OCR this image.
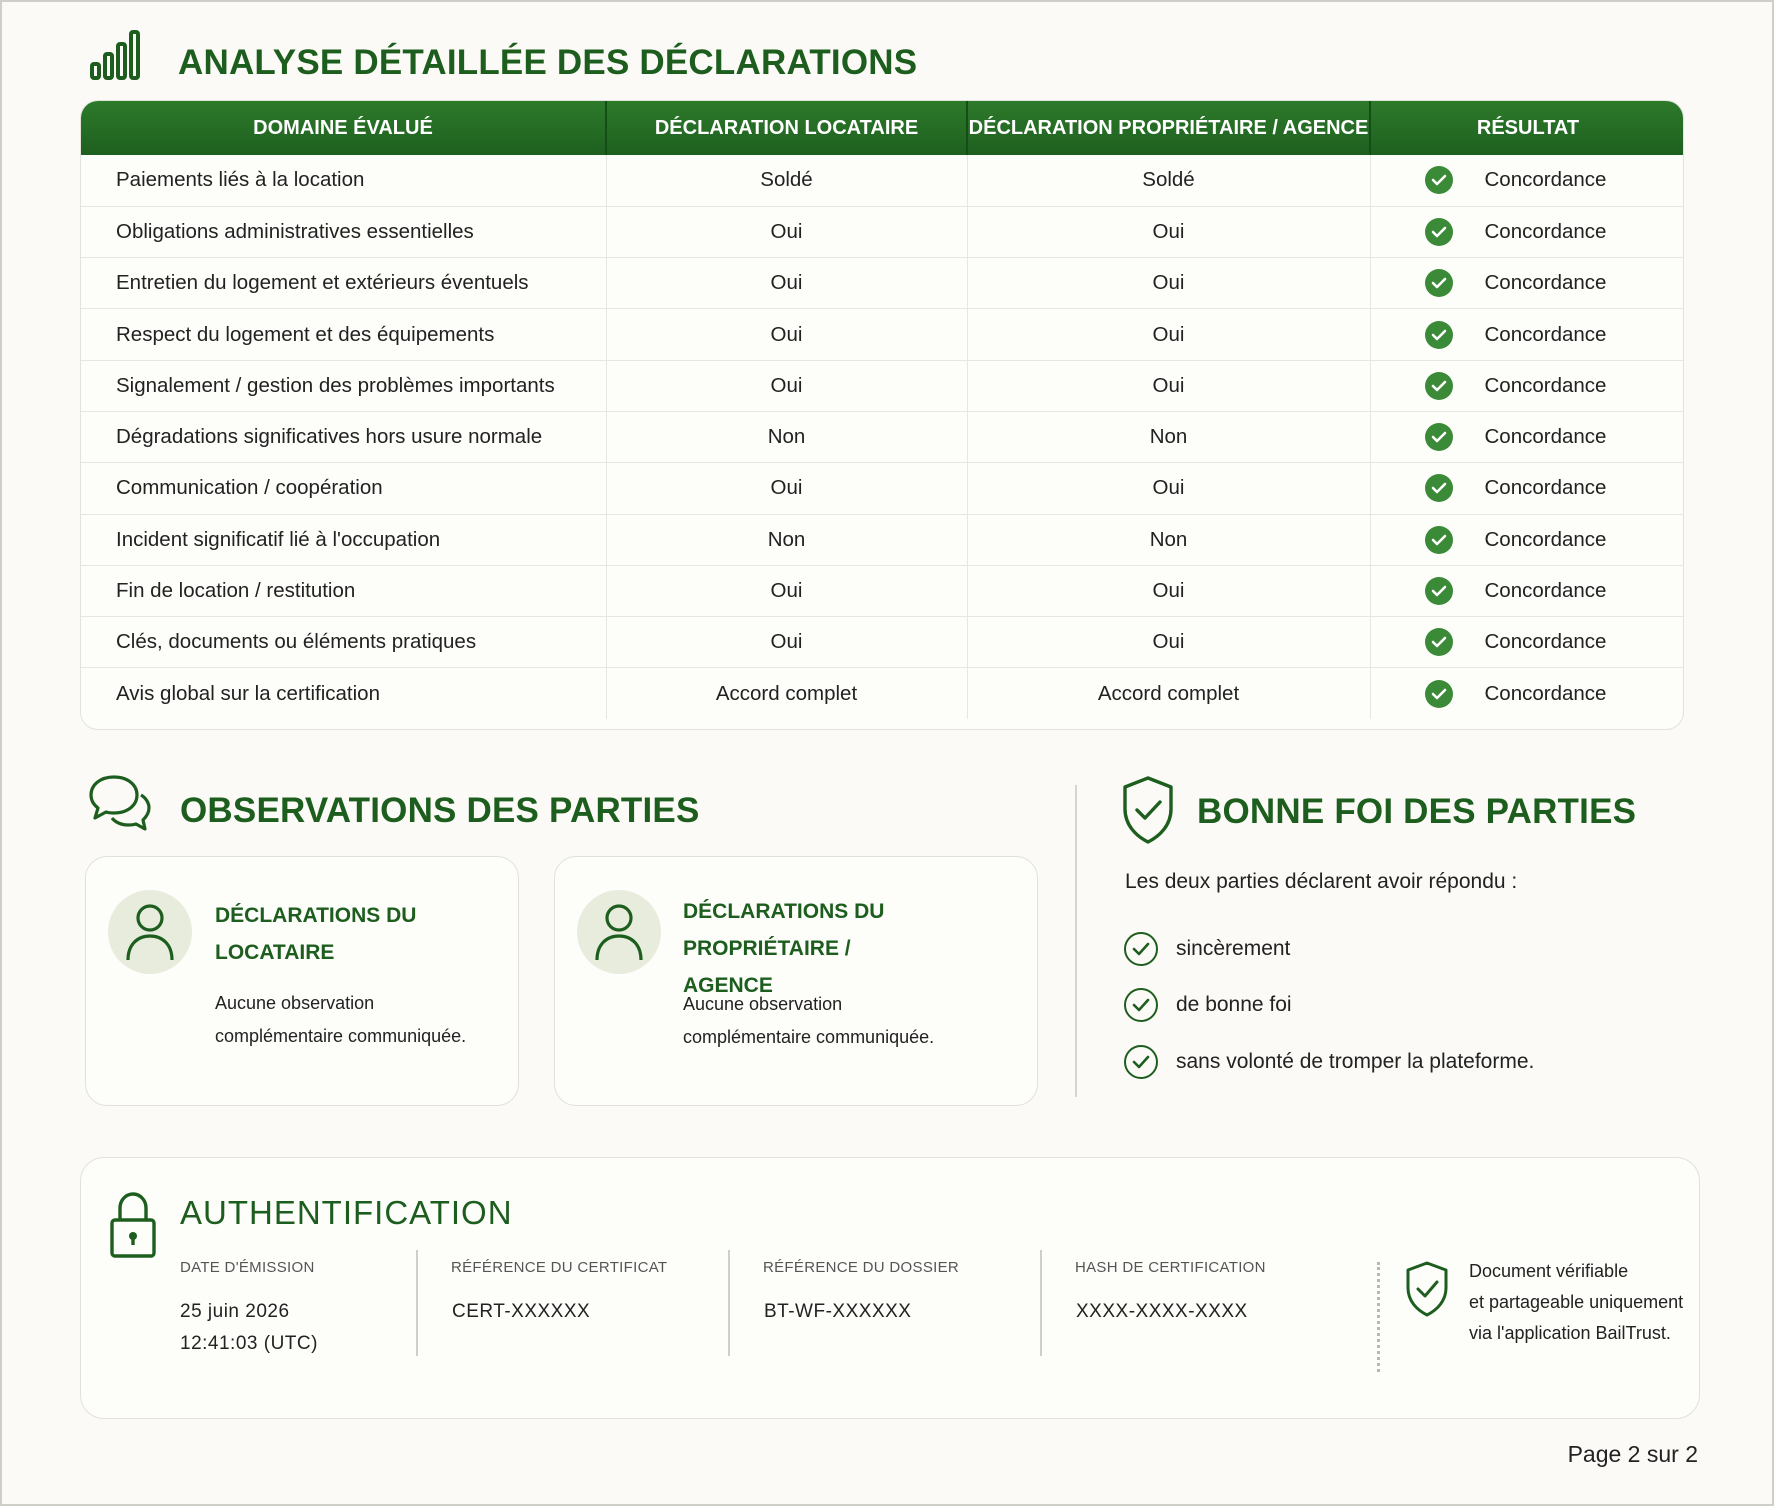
ANALYSE DÉTAILLÉE DES DÉCLARATIONS
DOMAINE ÉVALUÉ	DÉCLARATION LOCATAIRE	DÉCLARATION PROPRIÉTAIRE / AGENCE	RÉSULTAT
Paiements liés à la location	Soldé	Soldé	Concordance

Obligations administratives essentielles	Oui	Oui	Concordance

Entretien du logement et extérieurs éventuels	Oui	Oui	Concordance

Respect du logement et des équipements	Oui	Oui	Concordance

Signalement / gestion des problèmes importants	Oui	Oui	Concordance

Dégradations significatives hors usure normale	Non	Non	Concordance

Communication / coopération	Oui	Oui	Concordance

Incident significatif lié à l'occupation	Non	Non	Concordance

Fin de location / restitution	Oui	Oui	Concordance

Clés, documents ou éléments pratiques	Oui	Oui	Concordance

Avis global sur la certification	Accord complet	Accord complet	Concordance
OBSERVATIONS DES PARTIES
DÉCLARATIONS DU LOCATAIRE
Aucune observation
complémentaire communiquée.
DÉCLARATIONS DU PROPRIÉTAIRE /
AGENCE
Aucune observation
complémentaire communiquée.
BONNE FOI DES PARTIES
Les deux parties déclarent avoir répondu :
sincèrement
de bonne foi
sans volonté de tromper la plateforme.
AUTHENTIFICATION
DATE D'ÉMISSION
25 juin 2026
12:41:03 (UTC)
RÉFÉRENCE DU CERTIFICAT
CERT-XXXXXX
RÉFÉRENCE DU DOSSIER
BT-WF-XXXXXX
HASH DE CERTIFICATION
XXXX-XXXX-XXXX
Document vérifiable
et partageable uniquement
via l'application BailTrust.
Page 2 sur 2
